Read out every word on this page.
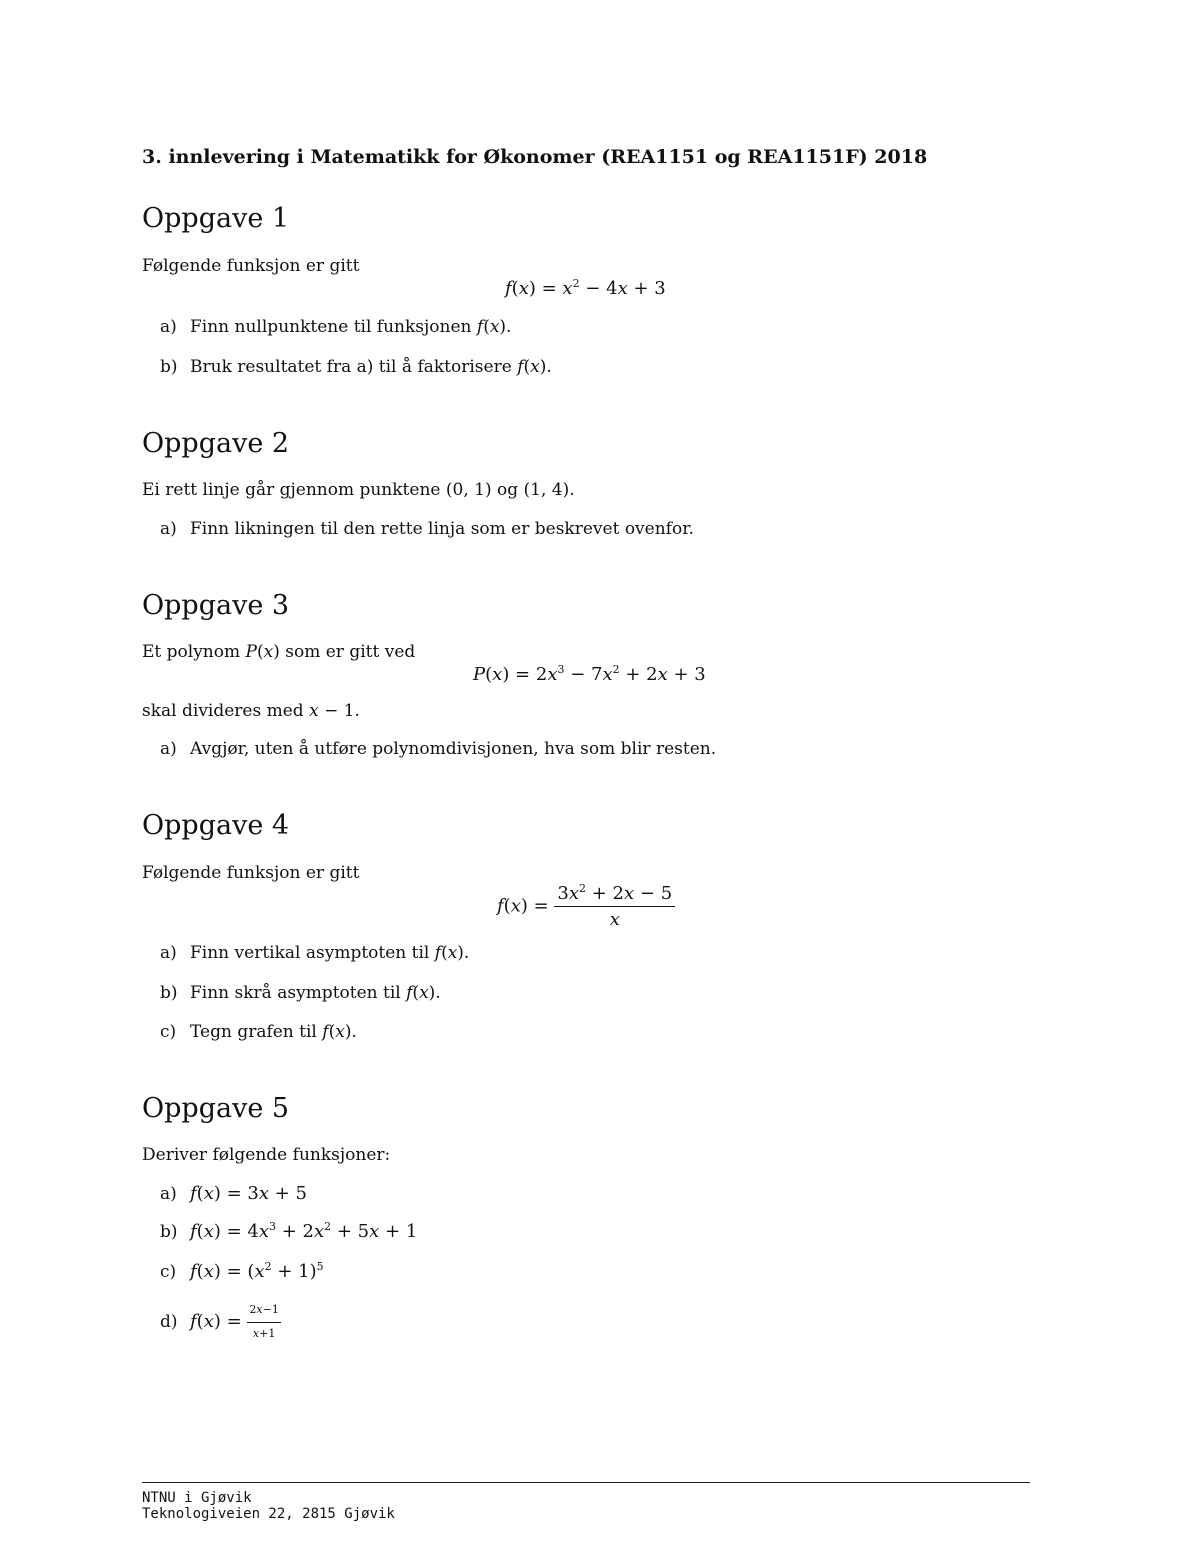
3. innlevering i Matematikk for Økonomer (REA1151 og REA1151F) 2018
Oppgave 1
Følgende funksjon er gitt
$f(x) = x^2 - 4x + 3$
a) Finn nullpunktene til funksjonen f(x).
b) Bruk resultatet fra a) til å faktorisere f(x).
Oppgave 2
Ei rett linje går gjennom punktene (0, 1) og (1, 4).
a) Finn likningen til den rette linja som er beskrevet ovenfor.
Oppgave 3
Et polynom P(x) som er gitt ved
$P(x) = 2x^3 - 7x^2 + 2x + 3$
skal divideres med x − 1.
a) Avgjør, uten å utføre polynomdivisjonen, hva som blir resten.
Oppgave 4
Følgende funksjon er gitt
$f(x) = \frac{3x^2 + 2x - 5}{x}$
a) Finn vertikal asymptoten til f(x).
b) Finn skrå asymptoten til f(x).
c) Tegn grafen til f(x).
Oppgave 5
Deriver følgende funksjoner:
a) f(x) = 3x + 5
b) $f(x) = 4x^3 + 2x^2 + 5x + 1$
c) $f(x) = (x^2 + 1)^5$
d) $f(x) = \frac{2x-1}{x+1}$
NTNU i Gjøvik
Teknologiveien 22, 2815 Gjøvik
